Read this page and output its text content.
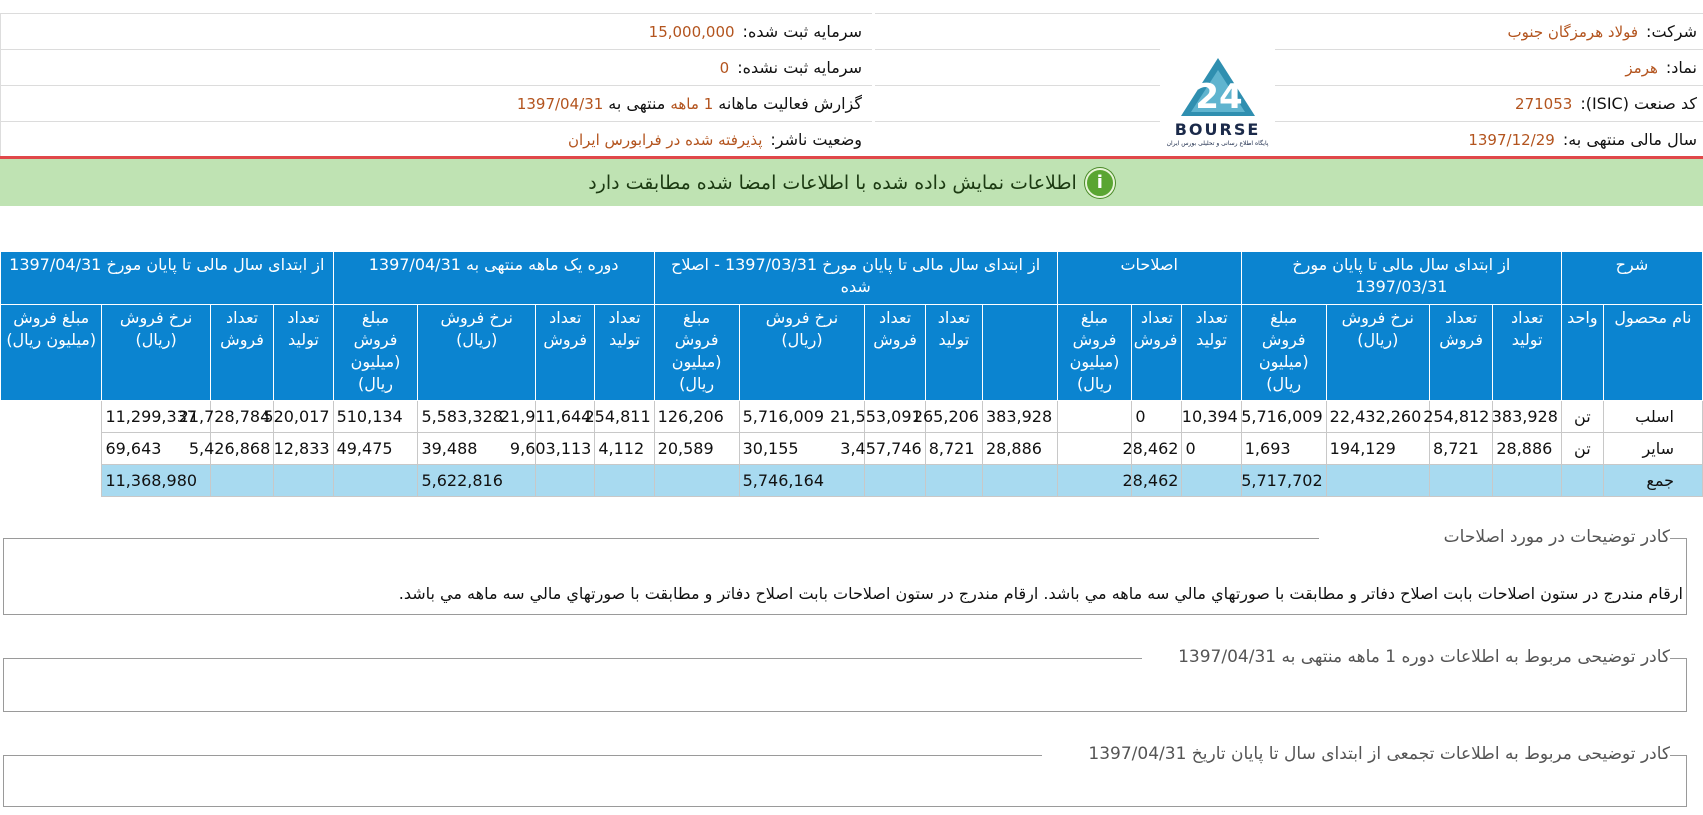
شرکت:
فولاد هرمزگان جنوب
نماد:
هرمز
کد صنعت (ISIC):
271053
سال مالی منتهی به:
1397/12/29
سرمایه ثبت شده:
15,000,000
سرمایه ثبت نشده:
0
گزارش فعالیت ماهانه
1 ماهه
منتهی به
1397/04/31
وضعیت ناشر:
پذیرفته شده در فرابورس ایران
24
BOURSE
پایگاه اطلاع رسانی و تحلیلی بورس ایران
i
اطلاعات نمایش داده شده با اطلاعات امضا شده مطابقت دارد
شرح		از ابتدای سال مالی تا پایان مورخ 1397/03/31				اصلاحات			از ابتدای سال مالی تا پایان مورخ 1397/03/31 - اصلاح شده					دوره یک ماهه منتهی به 1397/04/31				از ابتدای سال مالی تا پایان مورخ 1397/04/31			
نام محصول	واحد	تعداد تولید	تعداد فروش	نرخ فروش (ریال)	مبلغ فروش (میلیون ریال)	تعداد تولید	تعداد فروش	مبلغ فروش (میلیون ریال)		تعداد تولید	تعداد فروش	نرخ فروش (ریال)	مبلغ فروش (میلیون ریال)	تعداد تولید	تعداد فروش	نرخ فروش (ریال)	مبلغ فروش (میلیون ریال)	تعداد تولید	تعداد فروش	نرخ فروش (ریال)	مبلغ فروش (میلیون ریال)
اسلب	تن	383,928	254,812	22,432,260	5,716,009	10,394	0		383,928	265,206	21,553,091	5,716,009	126,206	254,811	21,911,644	5,583,328	510,134	520,017	21,728,784	11,299,337	
سایر	تن	28,886	8,721	194,129	1,693	0	28,462		28,886	8,721	3,457,746	30,155	20,589	4,112	9,603,113	39,488	49,475	12,833	5,426,868	69,643	
جمع					5,717,702		28,462					5,746,164				5,622,816				11,368,980	
کادر توضیحات در مورد اصلاحات
ارقام مندرج در ستون اصلاحات بابت اصلاح دفاتر و مطابقت با صورتهاي مالي سه ماهه مي باشد. ارقام مندرج در ستون اصلاحات بابت اصلاح دفاتر و مطابقت با صورتهاي مالي سه ماهه مي باشد.
کادر توضیحی مربوط به اطلاعات دوره 1 ماهه منتهی به 1397/04/31
کادر توضیحی مربوط به اطلاعات تجمعی از ابتدای سال تا پایان تاریخ 1397/04/31
